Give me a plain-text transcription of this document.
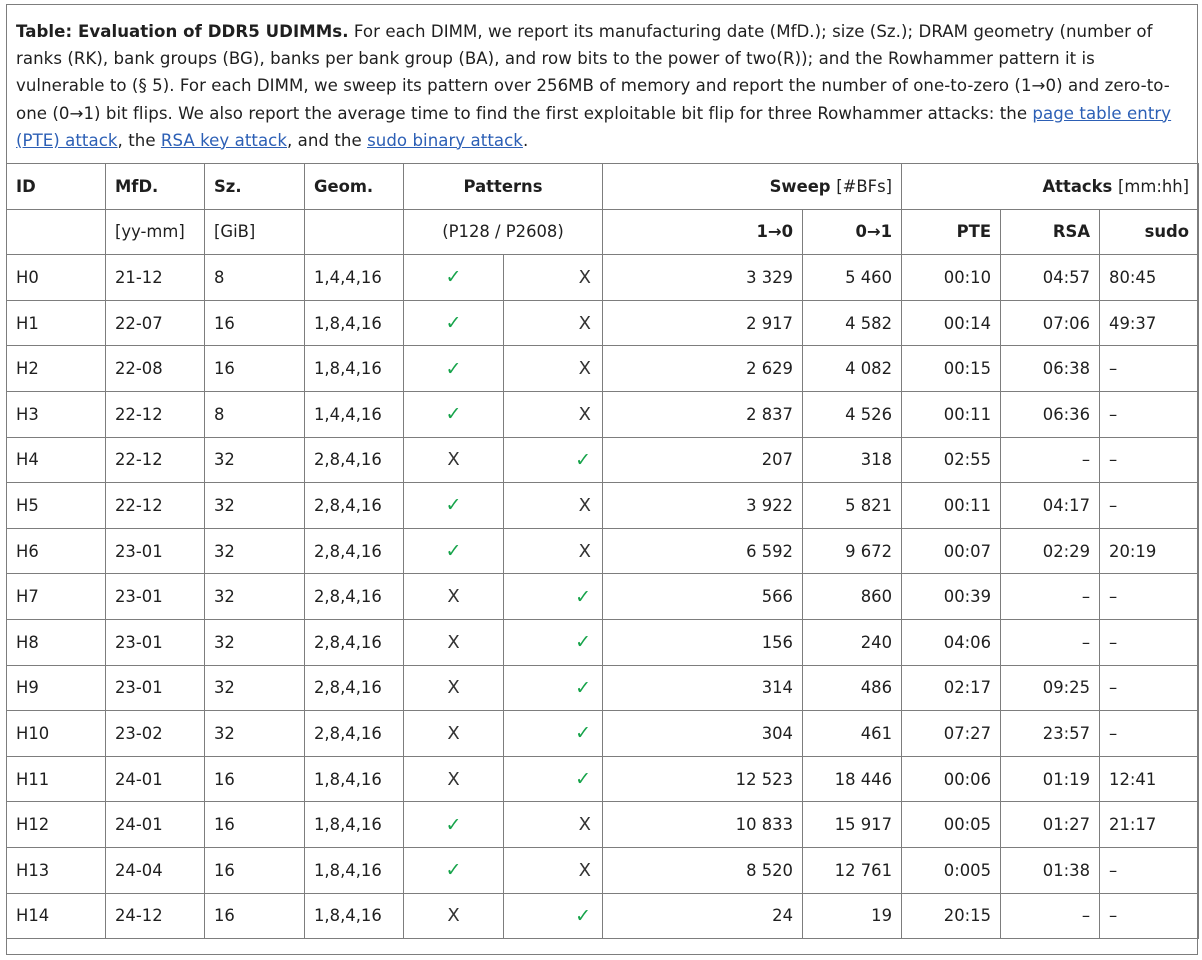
Table: Evaluation of DDR5 UDIMMs. For each DIMM, we report its manufacturing date (MfD.); size (Sz.); DRAM geometry (number of ranks (RK), bank groups (BG), banks per bank group (BA), and row bits to the power of two(R)); and the Rowhammer pattern it is vulnerable to (§ 5). For each DIMM, we sweep its pattern over 256MB of memory and report the number of one-to-zero (1→0) and zero-to-one (0→1) bit flips. We also report the average time to find the first exploitable bit flip for three Rowhammer attacks: the page table entry (PTE) attack, the RSA key attack, and the sudo binary attack.
ID	MfD.	Sz.	Geom.	Patterns		Sweep [#BFs]		Attacks [mm:hh]		
	[yy-mm]	[GiB]		(P128 / P2608)		1→0	0→1	PTE	RSA	sudo
H0	21-12	8	1,4,4,16	✓	X	3 329	5 460	00:10	04:57	80:45
H1	22-07	16	1,8,4,16	✓	X	2 917	4 582	00:14	07:06	49:37
H2	22-08	16	1,8,4,16	✓	X	2 629	4 082	00:15	06:38	–
H3	22-12	8	1,4,4,16	✓	X	2 837	4 526	00:11	06:36	–
H4	22-12	32	2,8,4,16	X	✓	207	318	02:55	–	–
H5	22-12	32	2,8,4,16	✓	X	3 922	5 821	00:11	04:17	–
H6	23-01	32	2,8,4,16	✓	X	6 592	9 672	00:07	02:29	20:19
H7	23-01	32	2,8,4,16	X	✓	566	860	00:39	–	–
H8	23-01	32	2,8,4,16	X	✓	156	240	04:06	–	–
H9	23-01	32	2,8,4,16	X	✓	314	486	02:17	09:25	–
H10	23-02	32	2,8,4,16	X	✓	304	461	07:27	23:57	–
H11	24-01	16	1,8,4,16	X	✓	12 523	18 446	00:06	01:19	12:41
H12	24-01	16	1,8,4,16	✓	X	10 833	15 917	00:05	01:27	21:17
H13	24-04	16	1,8,4,16	✓	X	8 520	12 761	0:005	01:38	–
H14	24-12	16	1,8,4,16	X	✓	24	19	20:15	–	–
